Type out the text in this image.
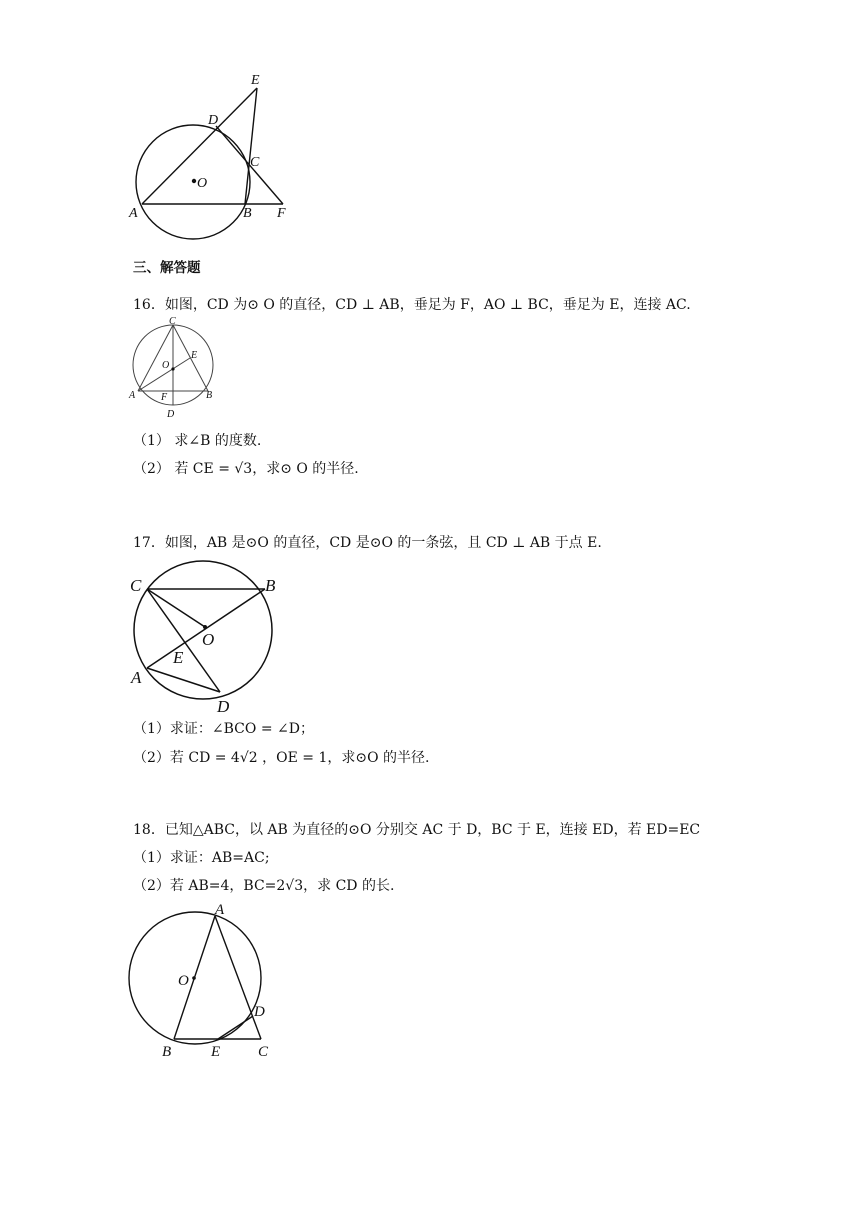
E
D
C
O
A	B F
三、解答题
16．如图，CD 为⊙ O 的直径，CD ⊥ AB，垂足为 F，AO ⊥ BC，垂足为 E，连接 AC.
C
O
E
A	F	B
D
（1） 求∠B 的度数.
（2） 若 CE = √3，求⊙ O 的半径.
17．如图，AB 是⊙O 的直径，CD 是⊙O 的一条弦，且 CD ⊥ AB 于点 E.
C	B
O
E
A
D
（1）求证：∠BCO = ∠D；
（2）若 CD = 4√2 ，OE = 1，求⊙O 的半径.
18．已知△ABC，以 AB 为直径的⊙O 分别交 AC 于 D，BC 于 E，连接 ED，若 ED=EC
（1）求证：AB=AC;
（2）若 AB=4，BC=2√3，求 CD 的长.
A
O
D
B	E	C
